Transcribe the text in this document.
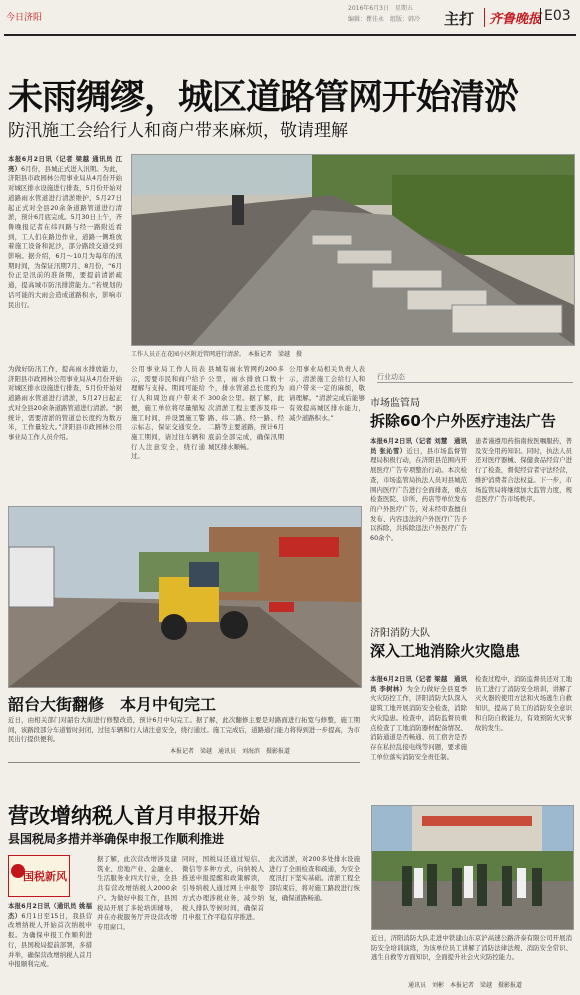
今日济阳
2016年6月3日　星期五
编辑：瞿佳永　组版：韩冷 主打	齐鲁晚报 E03
未雨绸缪，城区道路管网开始清淤
防汛施工会给行人和商户带来麻烦，敬请理解
本报6月2日讯（记者 梁越 通讯员 江亮）6月份，县城正式进入汛期。为此，济阳县市政园林公用事业局从4月份开始对城区排水设施进行排查，5月份开始对道路雨水管道进行清淤维护，5月27日起正式对全县20余条道路管道进行清淤，预计6月底完成。5月30日上午，齐鲁晚报记者在纬四路与经一路附近看到，工人们在路边作业，道路一侧堆放着施工设备和泥沙，部分路段交通受到影响。据介绍，6月～10月为每年的汛期时间，为保证汛期7月、8月份，“6月份正是汛前的准备期，要提前清淤疏通，提高城市防汛排涝能力。”若规划的话可能的大雨会造成道路积水，影响市民出行。
工作人员正在花园小区附近管网进行清淤。　本报记者　梁越　摄
为做好防汛工作，提高雨水排放能力，济阳县市政园林公用事业局从4月份开始对城区排水设施进行排查，5月份开始对道路雨水管道进行清淤，5月27日起正式对全县20余条道路管道进行清淤。“据统计，需要清淤的管道总长度约为数万米，工作量较大。”济阳县市政园林公用事业局工作人员介绍。
公用事业局工作人员表示，需要市民和商户给予理解与支持。期间可能给行人和周边商户带来不便，施工单位将尽量缩短施工时间，并设置施工警示标志，保证交通安全。施工期间，请过往车辆和行人注意安全，绕行通过。
县城有雨水管网约200多公里，雨水排放口数十个，排水管道总长度约为300余公里。据了解，此次清淤工程主要涉及纬一路、纬二路、经一路、经二路等主要道路，预计6月底前全部完成，确保汛期城区排水顺畅。
公用事业局相关负责人表示，清淤施工会给行人和商户带来一定的麻烦，敬请理解。“清淤完成后能够有效提高城区排水能力，减少道路积水。”
行业动态
市场监管局
拆除60个户外医疗违法广告
本报6月2日讯（记者 刘慧　通讯员 张沁雪）近日，县市场监督管理局积极行动，在济阳县范围内开展医疗广告专项整治行动。本次检查，市场监管局执法人员对县城范围内医疗广告进行全面排查，重点检查医院、诊所、药店等单位发布的户外医疗广告，对未经审查擅自发布、内容违法的户外医疗广告予以拆除，共拆除违法户外医疗广告60余个。
患者谨遵用药指南按医嘱服药，普及安全用药知识。同时，执法人员还对医疗器械、保健食品经营户进行了检查，督促经营者守法经营，维护消费者合法权益。下一步，市场监管局将继续加大监管力度，规范医疗广告市场秩序。
济阳消防大队
深入工地消除火灾隐患
本报6月2日讯（记者 梁越　通讯员 李树林）为全力做好全县夏季火灾防控工作，济阳消防大队深入建筑工地开展消防安全检查，消除火灾隐患。检查中，消防监督员重点检查了工地消防器材配备情况、消防通道是否畅通、员工宿舍是否存在私拉乱接电线等问题，要求施工单位落实消防安全责任制。
检查过程中，消防监督员还对工地员工进行了消防安全培训，讲解了灭火器的使用方法和火场逃生自救知识，提高了员工的消防安全意识和自防自救能力，有效预防火灾事故的发生。
近日，济阳消防大队走进中铁建山东京沪高速公路济泰有限公司开展消防安全培训演练，为该单位员工讲解了消防法律法规、消防安全常识、逃生自救等方面知识，全面提升社会火灾防控能力。
通讯员　刘彬　本报记者　梁越　摄影报道
韶台大街翻修　本月中旬完工
近日，由相关部门对韶台大街进行修整改造，预计6月中旬完工。据了解，此次翻修主要是对路面进行拓宽与修整，施工期间，该路段部分车道暂时封闭，过往车辆和行人请注意安全，绕行通过。施工完成后，道路通行能力将得到进一步提高，为市民出行提供便利。
本报记者　梁越　通讯员　刘海滨　摄影报道
营改增纳税人首月申报开始
县国税局多措并举确保申报工作顺利推进
国税新风
本报6月2日讯（通讯员 姚福杰）6月1日至15日，我县营改增纳税人开始首次纳税申报。为确保申报工作顺利进行，县国税局提前部署，多措并举，确保营改增纳税人首月申报顺利完成。
据了解，此次营改增涉及建筑业、房地产业、金融业、生活服务业四大行业，全县共有营改增纳税人2000余户。为做好申报工作，县国税局开展了多轮培训辅导，并在办税服务厅开设营改增专用窗口。
同时，国税局还通过短信、微信等多种方式，向纳税人推送申报提醒和政策解读，引导纳税人通过网上申报等方式办理涉税业务，减少纳税人排队等候时间，确保首月申报工作平稳有序推进。
此次清淤，对200多处排水设施进行了全面检查和疏通，为安全度汛打下坚实基础。清淤工程全部结束后，将对施工路段进行恢复，确保道路畅通。
